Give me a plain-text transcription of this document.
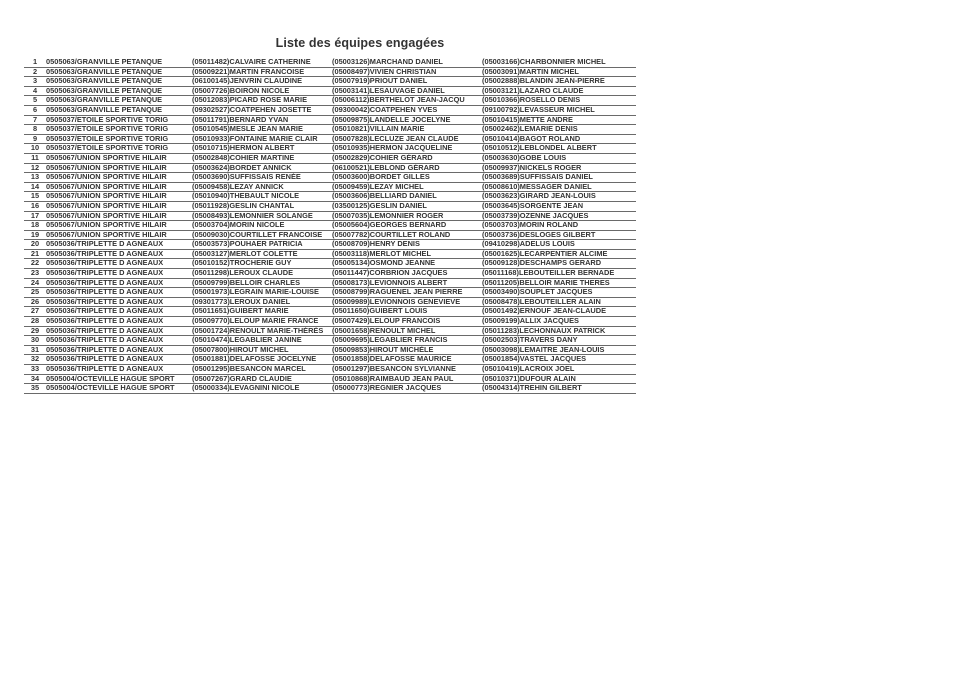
Liste des équipes engagées
1	0505063/GRANVILLE PETANQUE	(05011482)CALVAIRE CATHERINE	(05003126)MARCHAND DANIEL	(05003166)CHARBONNIER MICHEL
2	0505063/GRANVILLE PETANQUE	(05009221)MARTIN FRANCOISE	(05008497)VIVIEN CHRISTIAN	(05003091)MARTIN MICHEL
3	0505063/GRANVILLE PETANQUE	(06100145)JENVRIN CLAUDINE	(05007919)PRIOUT DANIEL	(05002888)BLANDIN JEAN-PIERRE
4	0505063/GRANVILLE PETANQUE	(05007726)BOIRON NICOLE	(05003141)LESAUVAGE DANIEL	(05003121)LAZARO CLAUDE
5	0505063/GRANVILLE PETANQUE	(05012083)PICARD ROSE MARIE	(05006112)BERTHELOT JEAN-JACQU	(05010366)ROSELLO DENIS
6	0505063/GRANVILLE PETANQUE	(09302527)COATPEHEN JOSETTE	(09300042)COATPEHEN YVES	(09100792)LEVASSEUR MICHEL
7	0505037/ETOILE SPORTIVE TORIG	(05011791)BERNARD YVAN	(05009875)LANDELLE JOCELYNE	(05010415)METTE ANDRE
8	0505037/ETOILE SPORTIVE TORIG	(05010545)MESLE JEAN MARIE	(05010821)VILLAIN MARIE	(05002462)LEMARIE DENIS
9	0505037/ETOILE SPORTIVE TORIG	(05010933)FONTAINE MARIE CLAIR	(05007828)LECLUZE JEAN CLAUDE	(05010414)BAGOT ROLAND
10	0505037/ETOILE SPORTIVE TORIG	(05010715)HERMON ALBERT	(05010935)HERMON JACQUELINE	(05010512)LEBLONDEL ALBERT
11	0505067/UNION SPORTIVE HILAIR	(05002848)COHIER MARTINE	(05002829)COHIER GÉRARD	(05003630)GOBE LOUIS
12	0505067/UNION SPORTIVE HILAIR	(05003624)BORDET ANNICK	(06100521)LEBLOND GÉRARD	(05009937)NICKELS ROGER
13	0505067/UNION SPORTIVE HILAIR	(05003690)SUFFISSAIS RENÉE	(05003600)BORDET GILLES	(05003689)SUFFISSAIS DANIEL
14	0505067/UNION SPORTIVE HILAIR	(05009458)LEZAY ANNICK	(05009459)LEZAY MICHEL	(05008610)MESSAGER DANIEL
15	0505067/UNION SPORTIVE HILAIR	(05010940)THEBAULT NICOLE	(05003606)BELLIARD DANIEL	(05003623)GIRARD JEAN-LOUIS
16	0505067/UNION SPORTIVE HILAIR	(05011928)GESLIN CHANTAL	(03500125)GESLIN DANIEL	(05003645)SORGENTE JEAN
17	0505067/UNION SPORTIVE HILAIR	(05008493)LEMONNIER SOLANGE	(05007035)LEMONNIER ROGER	(05003739)OZENNE JACQUES
18	0505067/UNION SPORTIVE HILAIR	(05003704)MORIN NICOLE	(05005604)GEORGES BERNARD	(05003703)MORIN ROLAND
19	0505067/UNION SPORTIVE HILAIR	(05009030)COURTILLET FRANCOISE	(05007782)COURTILLET ROLAND	(05003736)DESLOGES GILBERT
20	0505036/TRIPLETTE D AGNEAUX	(05003573)POUHAER PATRICIA	(05008709)HENRY DENIS	(09410298)ADELUS LOUIS
21	0505036/TRIPLETTE D AGNEAUX	(05003127)MERLOT COLETTE	(05003118)MERLOT MICHEL	(05001625)LECARPENTIER ALCIME
22	0505036/TRIPLETTE D AGNEAUX	(05010152)TROCHERIE GUY	(05005134)OSMOND JEANNE	(05009128)DESCHAMPS GERARD
23	0505036/TRIPLETTE D AGNEAUX	(05011298)LEROUX CLAUDE	(05011447)CORBRION JACQUES	(05011168)LEBOUTEILLER BERNADE
24	0505036/TRIPLETTE D AGNEAUX	(05009799)BELLOIR CHARLES	(05008173)LEVIONNOIS ALBERT	(05011205)BELLOIR MARIE THERES
25	0505036/TRIPLETTE D AGNEAUX	(05001973)LEGRAIN MARIE-LOUISE	(05008799)RAGUENEL JEAN PIERRE	(05003490)SOUPLET JACQUES
26	0505036/TRIPLETTE D AGNEAUX	(09301773)LEROUX DANIEL	(05009989)LEVIONNOIS GENEVIEVE	(05008478)LEBOUTEILLER ALAIN
27	0505036/TRIPLETTE D AGNEAUX	(05011651)GUIBERT MARIE	(05011650)GUIBERT LOUIS	(05001492)ERNOUF JEAN-CLAUDE
28	0505036/TRIPLETTE D AGNEAUX	(05009770)LELOUP MARIE FRANCE	(05007429)LELOUP FRANCOIS	(05009199)ALLIX JACQUES
29	0505036/TRIPLETTE D AGNEAUX	(05001724)RENOULT MARIE-THÉRÈS	(05001658)RENOULT MICHEL	(05011283)LECHONNAUX PATRICK
30	0505036/TRIPLETTE D AGNEAUX	(05010474)LEGABLIER JANINE	(05009695)LEGABLIER FRANCIS	(05002503)TRAVERS DANY
31	0505036/TRIPLETTE D AGNEAUX	(05007800)HIROUT MICHEL	(05009853)HIROUT MICHÈLE	(05003098)LEMAITRE JEAN-LOUIS
32	0505036/TRIPLETTE D AGNEAUX	(05001881)DELAFOSSE JOCELYNE	(05001858)DELAFOSSE MAURICE	(05001854)VASTEL JACQUES
33	0505036/TRIPLETTE D AGNEAUX	(05001295)BESANCON MARCEL	(05001297)BESANCON SYLVIANNE	(05010419)LACROIX JOEL
34	0505004/OCTEVILLE HAGUE SPORT	(05007267)GRARD CLAUDIE	(05010868)RAIMBAUD JEAN PAUL	(05010371)DUFOUR ALAIN
35	0505004/OCTEVILLE HAGUE SPORT	(05000334)LEVAGNINI NICOLE	(05000773)REGNIER JACQUES	(05004314)TREHIN GILBERT
